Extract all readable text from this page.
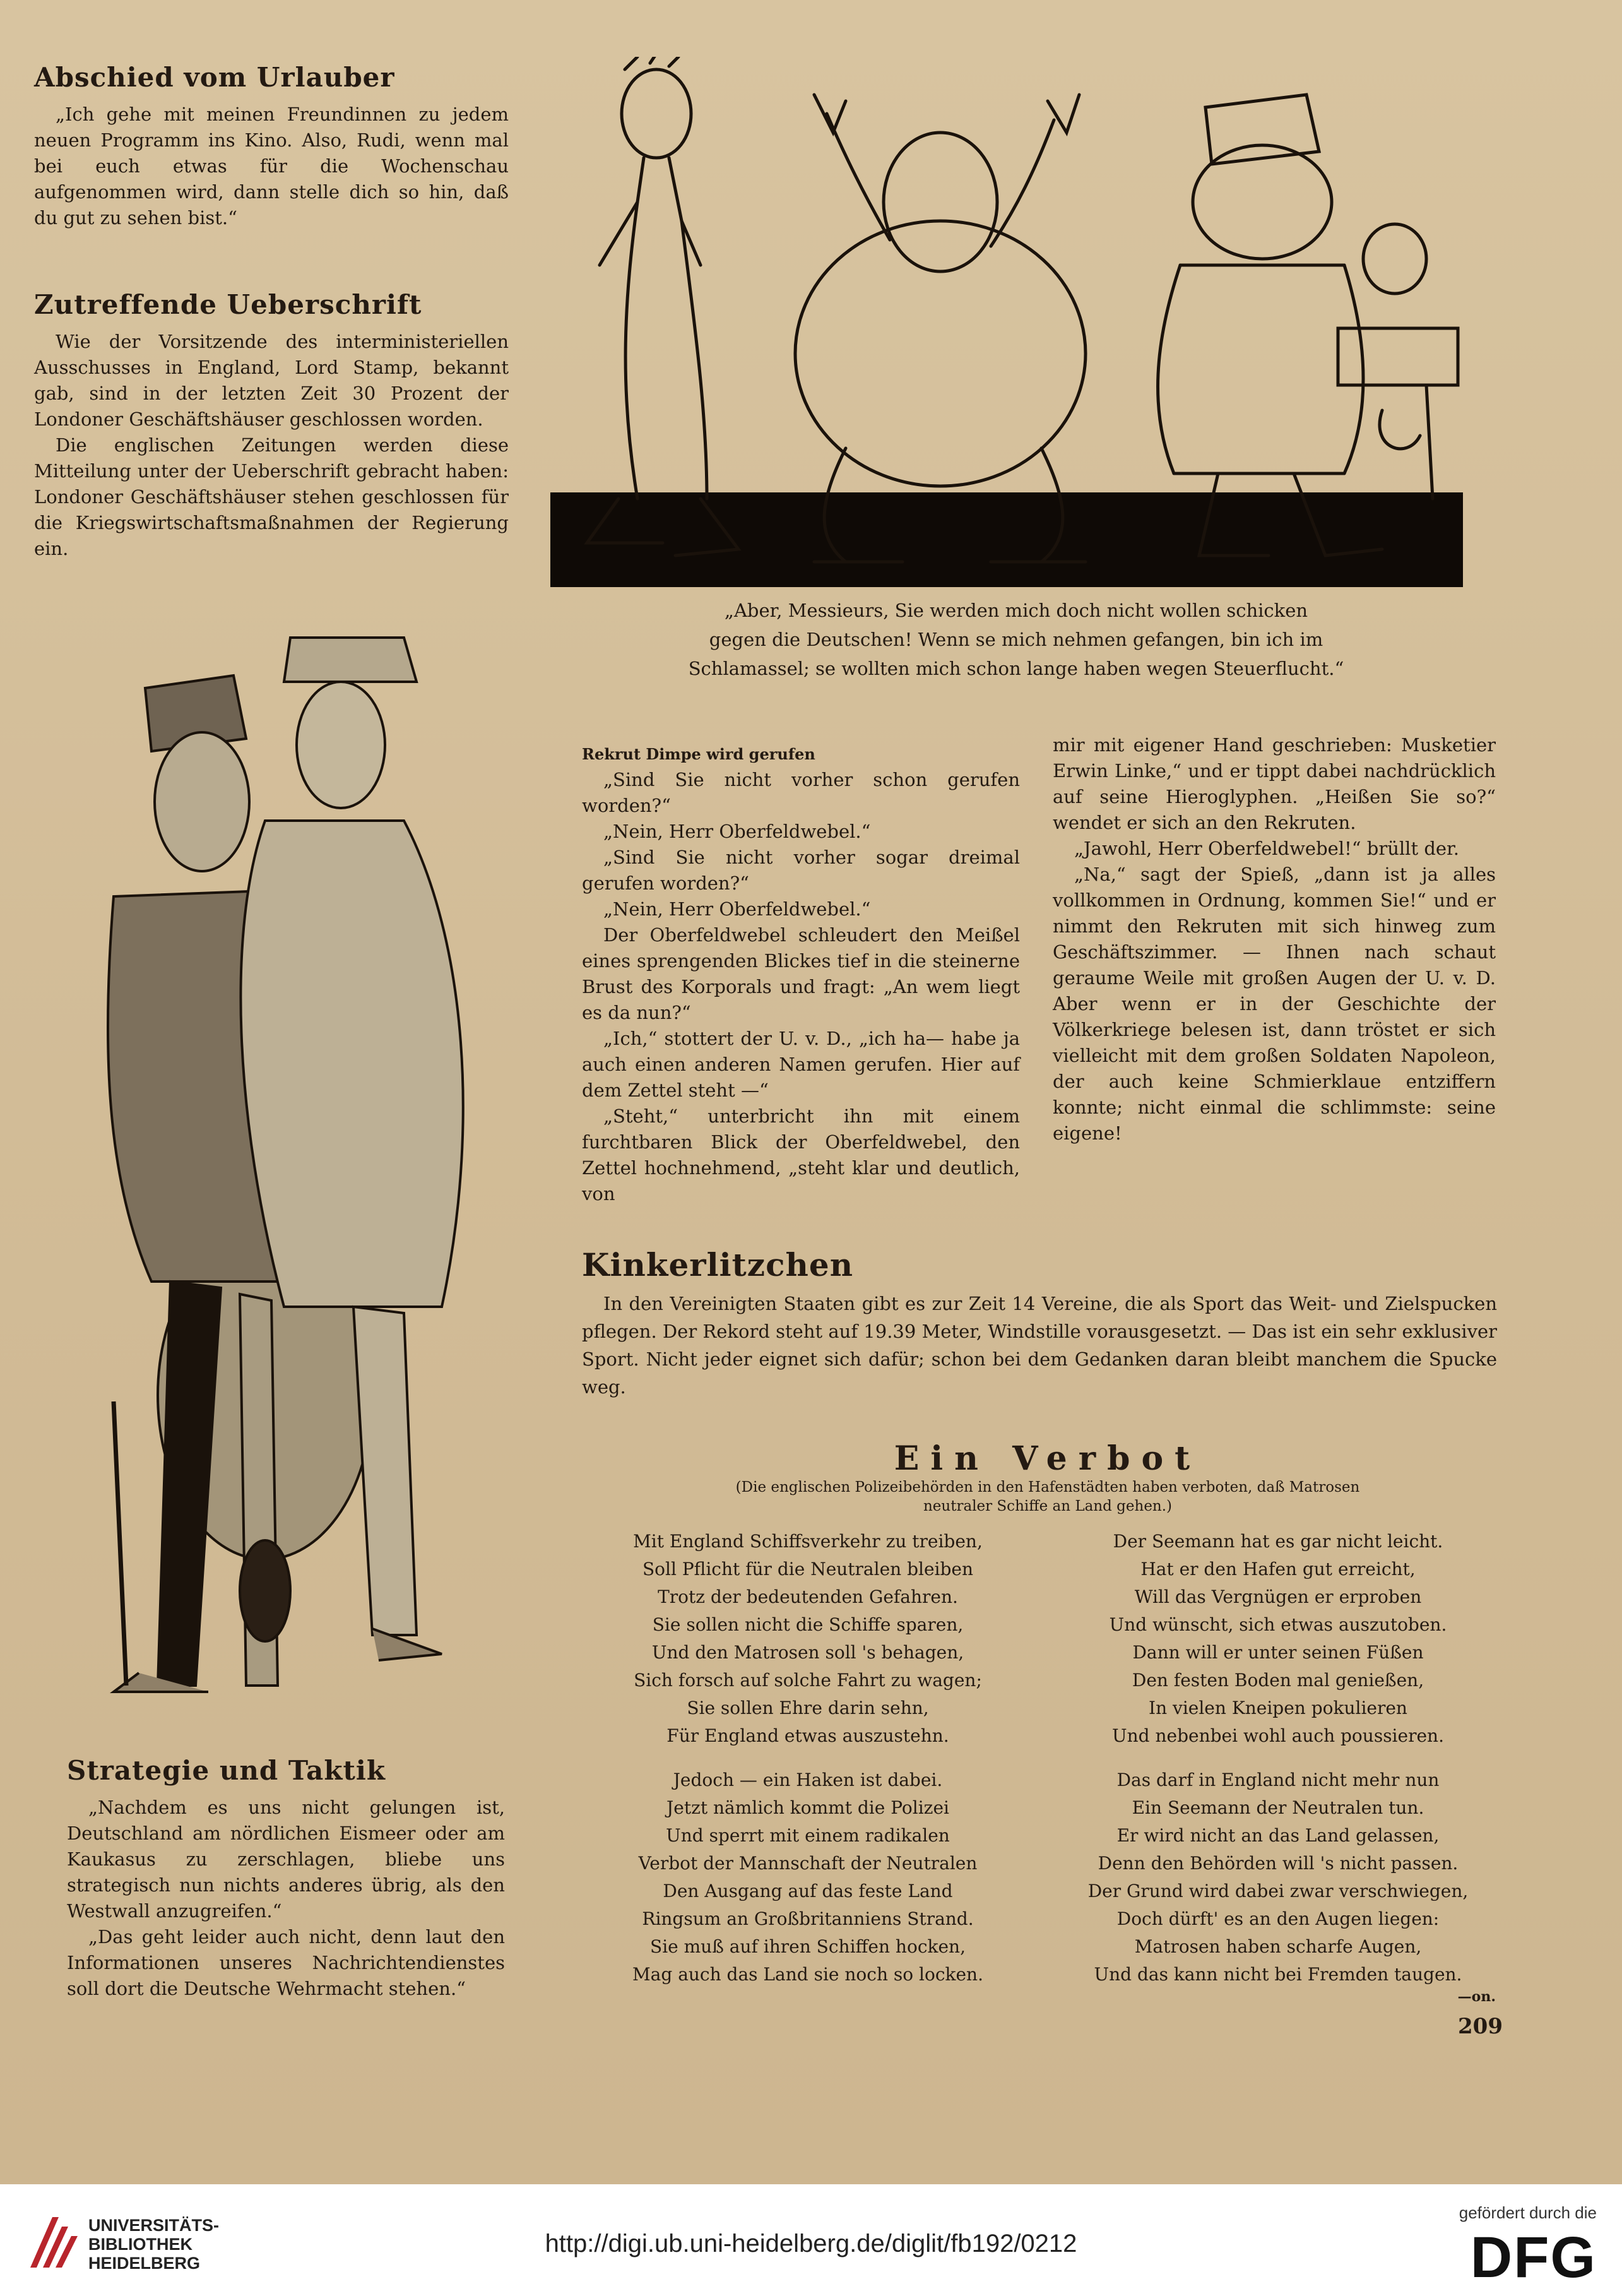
Abschied vom Urlauber

„Ich gehe mit meinen Freundinnen zu jedem neuen Programm ins Kino. Also, Rudi, wenn mal bei euch etwas für die Wochenschau aufgenommen wird, dann stelle dich so hin, daß du gut zu sehen bist.“

Zutreffende Ueberschrift

Wie der Vorsitzende des interministeriellen Ausschusses in England, Lord Stamp, bekannt gab, sind in der letzten Zeit 30 Prozent der Londoner Geschäftshäuser geschlossen worden.

Die englischen Zeitungen werden diese Mitteilung unter der Ueberschrift gebracht haben: Londoner Geschäftshäuser stehen geschlossen für die Kriegswirtschaftsmaßnahmen der Regierung ein.

„Aber, Messieurs, Sie werden mich doch nicht wollen schicken
gegen die Deutschen! Wenn se mich nehmen gefangen, bin ich im
Schlamassel; se wollten mich schon lange haben wegen Steuerflucht.“
Rekrut Dimpe wird gerufen

„Sind Sie nicht vorher schon gerufen worden?“

„Nein, Herr Oberfeldwebel.“

„Sind Sie nicht vorher sogar dreimal gerufen worden?“

„Nein, Herr Oberfeldwebel.“

Der Oberfeldwebel schleudert den Meißel eines sprengenden Blickes tief in die steinerne Brust des Korporals und fragt: „An wem liegt es da nun?“

„Ich,“ stottert der U. v. D., „ich ha— habe ja auch einen anderen Namen gerufen. Hier auf dem Zettel steht —“

„Steht,“ unterbricht ihn mit einem furchtbaren Blick der Oberfeldwebel, den Zettel hochnehmend, „steht klar und deutlich, von

mir mit eigener Hand geschrieben: Musketier Erwin Linke,“ und er tippt dabei nachdrücklich auf seine Hieroglyphen. „Heißen Sie so?“ wendet er sich an den Rekruten.

„Jawohl, Herr Oberfeldwebel!“ brüllt der.

„Na,“ sagt der Spieß, „dann ist ja alles vollkommen in Ordnung, kommen Sie!“ und er nimmt den Rekruten mit sich hinweg zum Geschäftszimmer. — Ihnen nach schaut geraume Weile mit großen Augen der U. v. D. Aber wenn er in der Geschichte der Völkerkriege belesen ist, dann tröstet er sich vielleicht mit dem großen Soldaten Napoleon, der auch keine Schmierklaue entziffern konnte; nicht einmal die schlimmste: seine eigene!

Kinkerlitzchen

In den Vereinigten Staaten gibt es zur Zeit 14 Vereine, die als Sport das Weit- und Zielspucken pflegen. Der Rekord steht auf 19.39 Meter, Windstille vorausgesetzt. — Das ist ein sehr exklusiver Sport. Nicht jeder eignet sich dafür; schon bei dem Gedanken daran bleibt manchem die Spucke weg.

Strategie und Taktik

„Nachdem es uns nicht gelungen ist, Deutschland am nördlichen Eismeer oder am Kaukasus zu zerschlagen, bliebe uns strategisch nun nichts anderes übrig, als den Westwall anzugreifen.“

„Das geht leider auch nicht, denn laut den Informationen unseres Nachrichtendienstes soll dort die Deutsche Wehrmacht stehen.“

Ein Verbot
(Die englischen Polizeibehörden in den Hafenstädten haben verboten, daß Matrosen
neutraler Schiffe an Land gehen.)
Mit England Schiffsverkehr zu treiben,
Soll Pflicht für die Neutralen bleiben
Trotz der bedeutenden Gefahren.
Sie sollen nicht die Schiffe sparen,
Und den Matrosen soll 's behagen,
Sich forsch auf solche Fahrt zu wagen;
Sie sollen Ehre darin sehn,
Für England etwas auszustehn.
Jedoch — ein Haken ist dabei.
Jetzt nämlich kommt die Polizei
Und sperrt mit einem radikalen
Verbot der Mannschaft der Neutralen
Den Ausgang auf das feste Land
Ringsum an Großbritanniens Strand.
Sie muß auf ihren Schiffen hocken,
Mag auch das Land sie noch so locken.
Der Seemann hat es gar nicht leicht.
Hat er den Hafen gut erreicht,
Will das Vergnügen er erproben
Und wünscht, sich etwas auszutoben.
Dann will er unter seinen Füßen
Den festen Boden mal genießen,
In vielen Kneipen pokulieren
Und nebenbei wohl auch poussieren.
Das darf in England nicht mehr nun
Ein Seemann der Neutralen tun.
Er wird nicht an das Land gelassen,
Denn den Behörden will 's nicht passen.
Der Grund wird dabei zwar verschwiegen,
Doch dürft' es an den Augen liegen:
Matrosen haben scharfe Augen,
Und das kann nicht bei Fremden taugen.
—on.
209
UNIVERSITÄTS-
BIBLIOTHEK
HEIDELBERG
http://digi.ub.uni-heidelberg.de/diglit/fb192/0212
gefördert durch die
DFG
